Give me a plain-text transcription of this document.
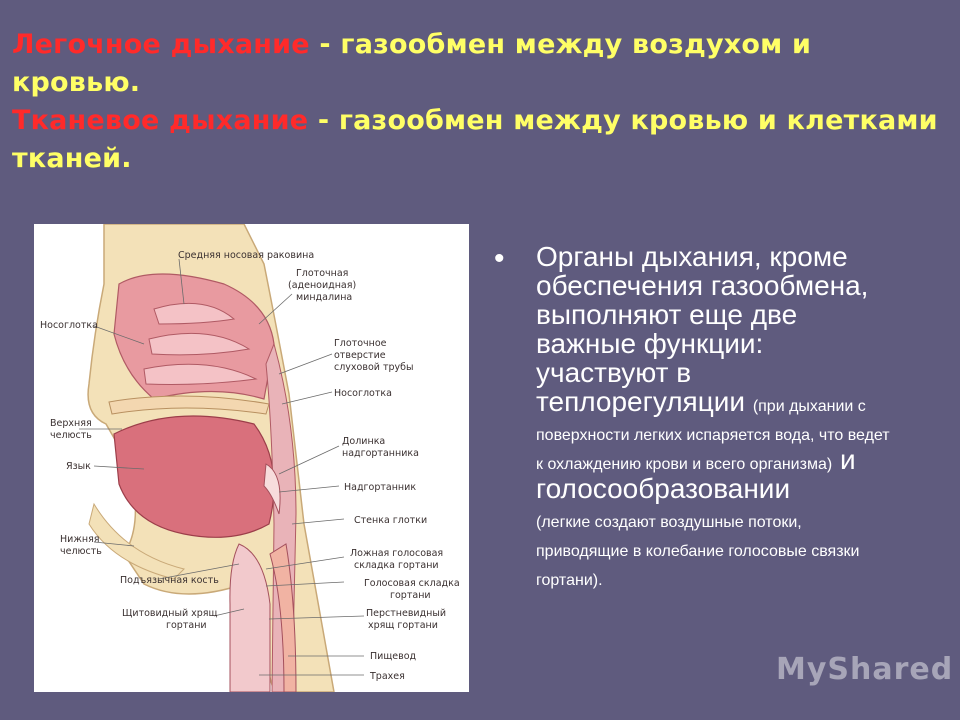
Легочное дыхание - газообмен между воздухом и кровью.
Тканевое дыхание - газообмен между кровью и клетками тканей.
Средняя носовая раковина
Глоточная
(аденоидная)
миндалина
Носоглотка
Глоточное
отверстие
слуховой трубы
Носоглотка
Верхняя
челюсть
Долинка
надгортанника
Язык
Надгортанник
Стенка глотки
Нижняя
челюсть	Ложная голосовая
складка гортани
Подъязычная кость	Голосовая складка
гортани
Щитовидный хрящ
гортани
Перстневидный
хрящ гортани
Пищевод
Трахея
• Органы дыхания, кроме обеспечения газообмена, выполняют еще две важные функции: участвуют в теплорегуляции (при дыхании с поверхности легких испаряется вода, что ведет к охлаждению крови и всего организма) и голосообразовании
(легкие создают воздушные потоки, приводящие в колебание голосовые связки гортани).
MyShared
